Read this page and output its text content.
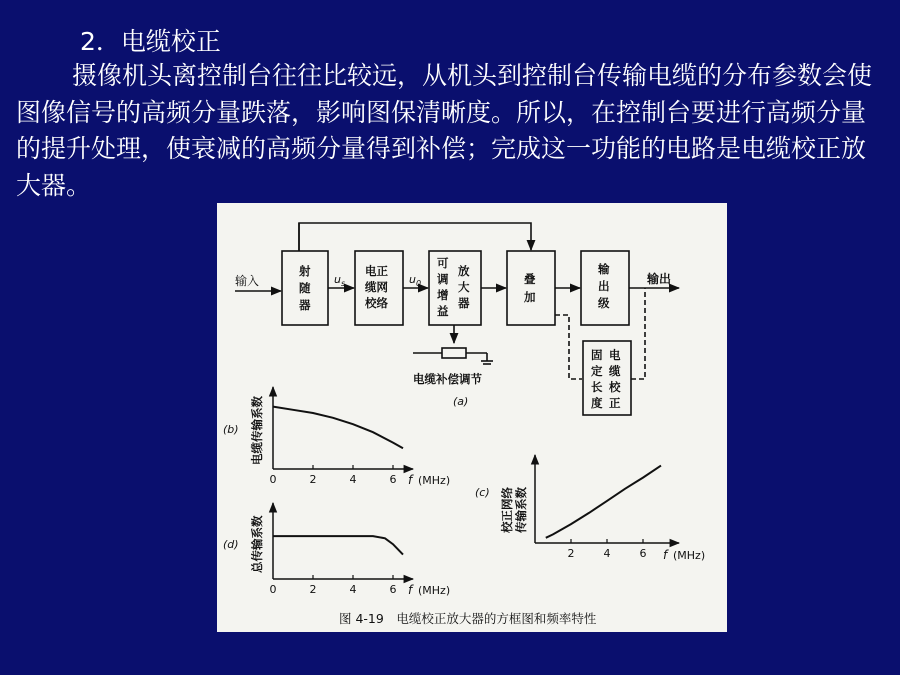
2．电缆校正
摄像机头离控制台往往比较远，从机头到控制台传输电缆的分布参数会使图像信号的高频分量跌落，影响图保清晰度。所以，在控制台要进行高频分量的提升处理，使衰减的高频分量得到补偿；完成这一功能的电路是电缆校正放大器。
输入
射
随
器
电正
缆网
校络
可
调
增
益
放
大
器
叠
加
输
出
级
固
定
长
度
电
缆
校
正
u s	u 0	输出
电缆补偿调节
(a)
(b) 电缆传输系数
0	2	4	6 f (MHz)
(c) 校正网络 传输系数
2	4	6 f (MHz)
(d) 总传输系数
0	2	4	6 f (MHz)
图 4-19　电缆校正放大器的方框图和频率特性
